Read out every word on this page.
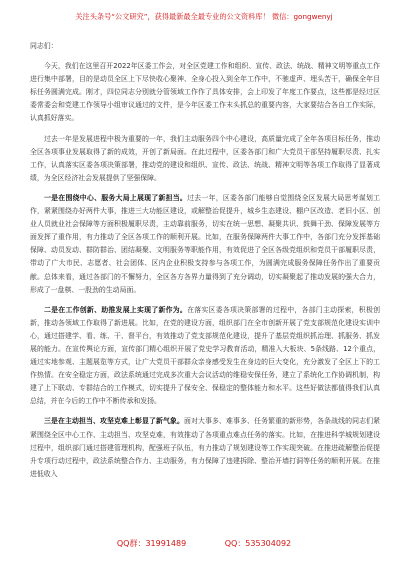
关注头条号“公文研究”，获得最新最全最专业的公文资料库！ 微信：gongwenyj

同志们：

今天，我们在这里召开2022年区委工作会，对全区党建工作和组织、宣传、政法、统战、精神文明等重点工作进行集中部署，目的是动员全区上下尽快收心聚神、全身心投入到全年工作中，不驰虚声、埋头苦干，确保全年目标任务圆满完成。刚才，四位同志分别就分管领域工作作了具体安排，会上印发了年度工作要点，这些都是经过区委常委会和党建工作领导小组审议通过的文件，是今年区委工作末头抓总的重要内容，大家要结合各自工作实际，认真抓好落实。

过去一年是发展进程中极为重要的一年，我们主动服务四个中心建设，高质量完成了全年各项目标任务，推动全区各项事业发展取得了新的成效，开创了新局面。在此过程中，区委各部门和广大党员干部坚持履职尽责、扎实工作，认真落实区委各项决策部署，推动党的建设和组织、宣传、政法、统战、精神文明等各项工作取得了显著成绩，为全区经济社会发展提供了坚强保障。

一是在围绕中心、服务大局上展现了新担当。过去一年，区委各部门能够自觉围绕全区发展大局思考谋划工作，紧紧围绕办好两件大事，推进三大功能区建设，或解整治促提升，城乡生态建设、棚户区改造、老旧小区、创业人员就业社会保障等方面积极履职尽责，主动靠前服务，切实在统一思想、凝聚共识、鼓舞干劲、保障发展等方面发挥了重作用，有力推动了全区各项工作的顺利开展。比如，在服务保障两件大事工作中，各部门充分发挥基础保障、动员发动、群防群治、团结凝聚、文明服务等职能作用，有效促进了全区各级党组织和党员干部履职尽责，带动了广大市民、志愿者、社会团体、区内企业积极支持参与各项工作，为圆满完成服务保障任务作出了重要贡献。总体来看，通过各部门的不懈努力，全区各方各界力量得到了充分调动，切实凝聚起了推动发展的强大合力，形成了一盘棋、一股劲的生动局面。

二是在工作创新、助推发展上实现了新作为。在落实区委各项决策部署的过程中，各部门主动探索，积极创新，推动各领域工作取得了新进展。比如，在党的建设方面，组织部门在全市创新开展了党支部规范化建设实训中心，通过搭建学、看、练、干、督平台，有效推动了党支部规范化建设，提升了基层党组织抓治理、抓服务、抓发展的能力。在宣传舆论方面，宣传部门精心组织开展了党史学习教育活动，精准入大板块、5条线路、12个重点，通过实地参观、主题展览等方式，让广大党员干部群众亲身感受发生在身边的巨大变化，充分激发了全区上下的工作热情。在安全稳定方面，政法系统通过完成多次重大会议活动的维稳安保任务，建立了系统化工作协调机制，构建了上下联动、专群结合的工作模式，切实提升了保安全、保稳定的整体能力和水平。这些好做法都值得我们认真总结，并在今后的工作中不断传承和发扬。

三是在主动担当、攻坚克难上彰显了新气象。面对大事多、难事多、任务繁重的新形势，各条战线的同志们紧紧围绕全区中心工作、主动担当、攻坚克难，有效推动了各项重点难点任务的落实。比如，在推进科学城规划建设过程中，组织部门通过搭建管理机构，配强班子队伍，有力推动了规划建设等工作实现突破。在推进疏解整治促提升专项行动过程中，政法系统整合作力、主动服务，有力保障了违建拆除、整治开墙打洞等任务的顺利开展。在推进低收入

QQ群：31991489	QQ：535304092
